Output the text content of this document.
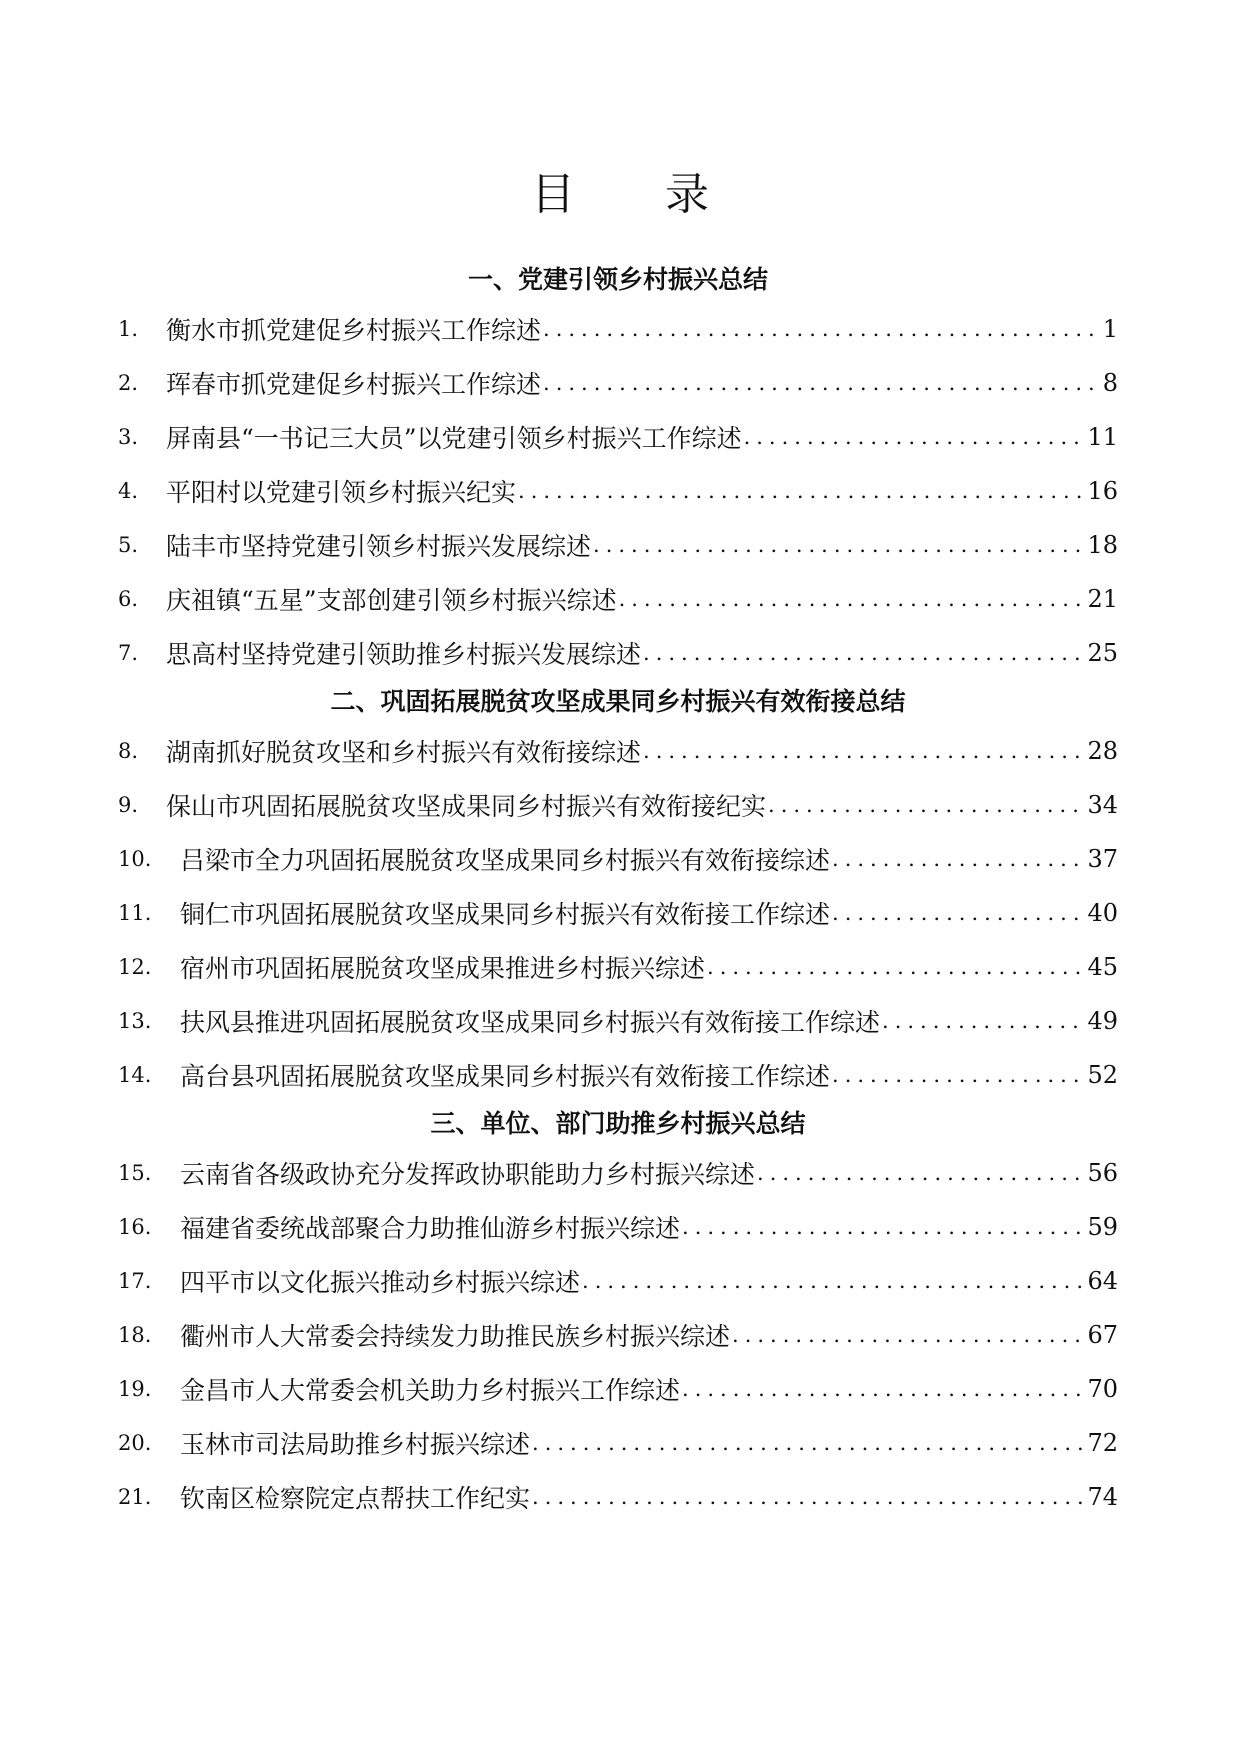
目 录
一、党建引领乡村振兴总结
1.	衡水市抓党建促乡村振兴工作综述 .....	1
2.	珲春市抓党建促乡村振兴工作综述 .....	8
3.	屏南县“一书记三大员”以党建引领乡村振兴工作综述 .....	11
4.	平阳村以党建引领乡村振兴纪实 .....	16
5.	陆丰市坚持党建引领乡村振兴发展综述 .....	18
6.	庆祖镇“五星”支部创建引领乡村振兴综述 .....	21
7.	思高村坚持党建引领助推乡村振兴发展综述 .....	25
二、巩固拓展脱贫攻坚成果同乡村振兴有效衔接总结
8.	湖南抓好脱贫攻坚和乡村振兴有效衔接综述 .....	28
9.	保山市巩固拓展脱贫攻坚成果同乡村振兴有效衔接纪实 .....	34
10.	吕梁市全力巩固拓展脱贫攻坚成果同乡村振兴有效衔接综述 .....	37
11.	铜仁市巩固拓展脱贫攻坚成果同乡村振兴有效衔接工作综述 .....	40
12.	宿州市巩固拓展脱贫攻坚成果推进乡村振兴综述 .....	45
13.	扶风县推进巩固拓展脱贫攻坚成果同乡村振兴有效衔接工作综述 .....	49
14.	高台县巩固拓展脱贫攻坚成果同乡村振兴有效衔接工作综述 .....	52
三、单位、部门助推乡村振兴总结
15.	云南省各级政协充分发挥政协职能助力乡村振兴综述 .....	56
16.	福建省委统战部聚合力助推仙游乡村振兴综述 .....	59
17.	四平市以文化振兴推动乡村振兴综述 .....	64
18.	衢州市人大常委会持续发力助推民族乡村振兴综述 .....	67
19.	金昌市人大常委会机关助力乡村振兴工作综述 .....	70
20.	玉林市司法局助推乡村振兴综述 .....	72
21.	钦南区检察院定点帮扶工作纪实 .....	74
